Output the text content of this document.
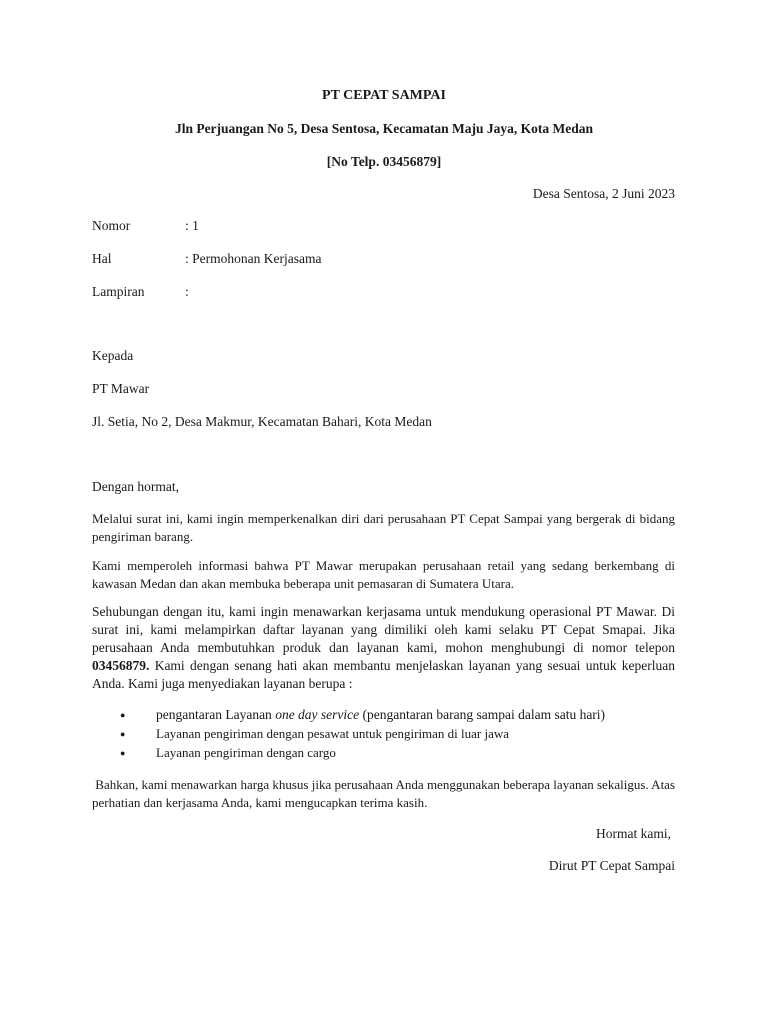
PT CEPAT SAMPAI
Jln Perjuangan No 5, Desa Sentosa, Kecamatan Maju Jaya, Kota Medan
[No Telp. 03456879]
Desa Sentosa, 2 Juni 2023
Nomor	: 1
Hal	: Permohonan Kerjasama
Lampiran	:
Kepada
PT Mawar
Jl. Setia, No 2, Desa Makmur, Kecamatan Bahari, Kota Medan
Dengan hormat,
Melalui surat ini, kami ingin memperkenalkan diri dari perusahaan PT Cepat Sampai yang bergerak di bidang pengiriman barang.
Kami memperoleh informasi bahwa PT Mawar merupakan perusahaan retail yang sedang berkembang di kawasan Medan dan akan membuka beberapa unit pemasaran di Sumatera Utara.
Sehubungan dengan itu, kami ingin menawarkan kerjasama untuk mendukung operasional PT Mawar. Di surat ini, kami melampirkan daftar layanan yang dimiliki oleh kami selaku PT Cepat Smapai. Jika perusahaan Anda membutuhkan produk dan layanan kami, mohon menghubungi di nomor telepon 03456879. Kami dengan senang hati akan membantu menjelaskan layanan yang sesuai untuk keperluan Anda. Kami juga menyediakan layanan berupa :
● pengantaran Layanan one day service (pengantaran barang sampai dalam satu hari)
● Layanan pengiriman dengan pesawat untuk pengiriman di luar jawa
● Layanan pengiriman dengan cargo
Bahkan, kami menawarkan harga khusus jika perusahaan Anda menggunakan beberapa layanan sekaligus. Atas perhatian dan kerjasama Anda, kami mengucapkan terima kasih.
Hormat kami,
Dirut PT Cepat Sampai
